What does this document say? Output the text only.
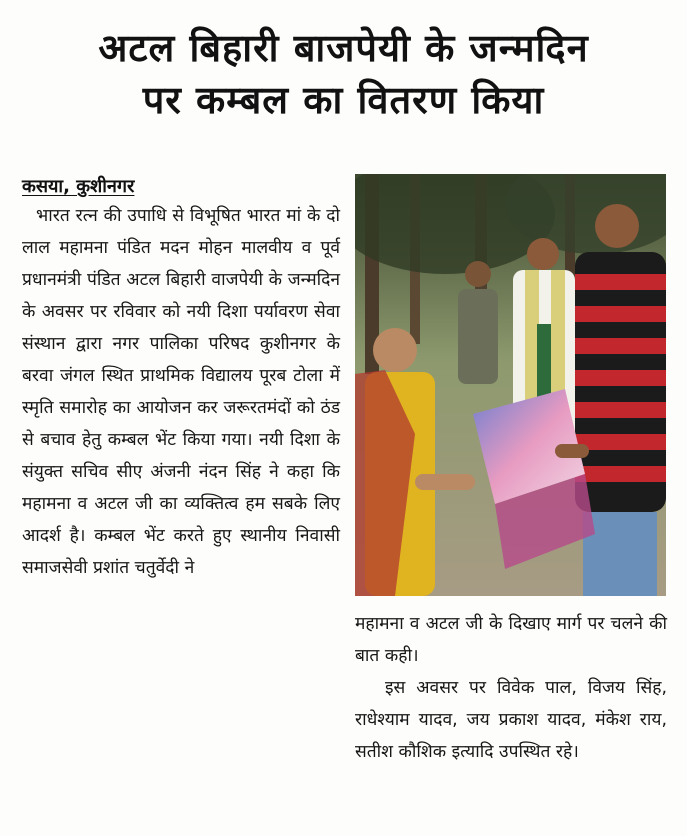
अटल बिहारी बाजपेयी के जन्मदिन
पर कम्बल का वितरण किया
कसया, कुशीनगर

भारत रत्न की उपाधि से विभूषित भारत मां के दो लाल महामना पंडित मदन मोहन मालवीय व पूर्व प्रधानमंत्री पंडित अटल बिहारी वाजपेयी के जन्मदिन के अवसर पर रविवार को नयी दिशा पर्यावरण सेवा संस्थान द्वारा नगर पालिका परिषद कुशीनगर के बरवा जंगल स्थित प्राथमिक विद्यालय पूरब टोला में स्मृति समारोह का आयोजन कर जरूरतमंदों को ठंड से बचाव हेतु कम्बल भेंट किया गया। नयी दिशा के संयुक्त सचिव सीए अंजनी नंदन सिंह ने कहा कि महामना व अटल जी का व्यक्तित्व हम सबके लिए आदर्श है। कम्बल भेंट करते हुए स्थानीय निवासी समाजसेवी प्रशांत चतुर्वेदी ने

महामना व अटल जी के दिखाए मार्ग पर चलने की बात कही।

इस अवसर पर विवेक पाल, विजय सिंह, राधेश्याम यादव, जय प्रकाश यादव, मंकेश राय, सतीश कौशिक इत्यादि उपस्थित रहे।
